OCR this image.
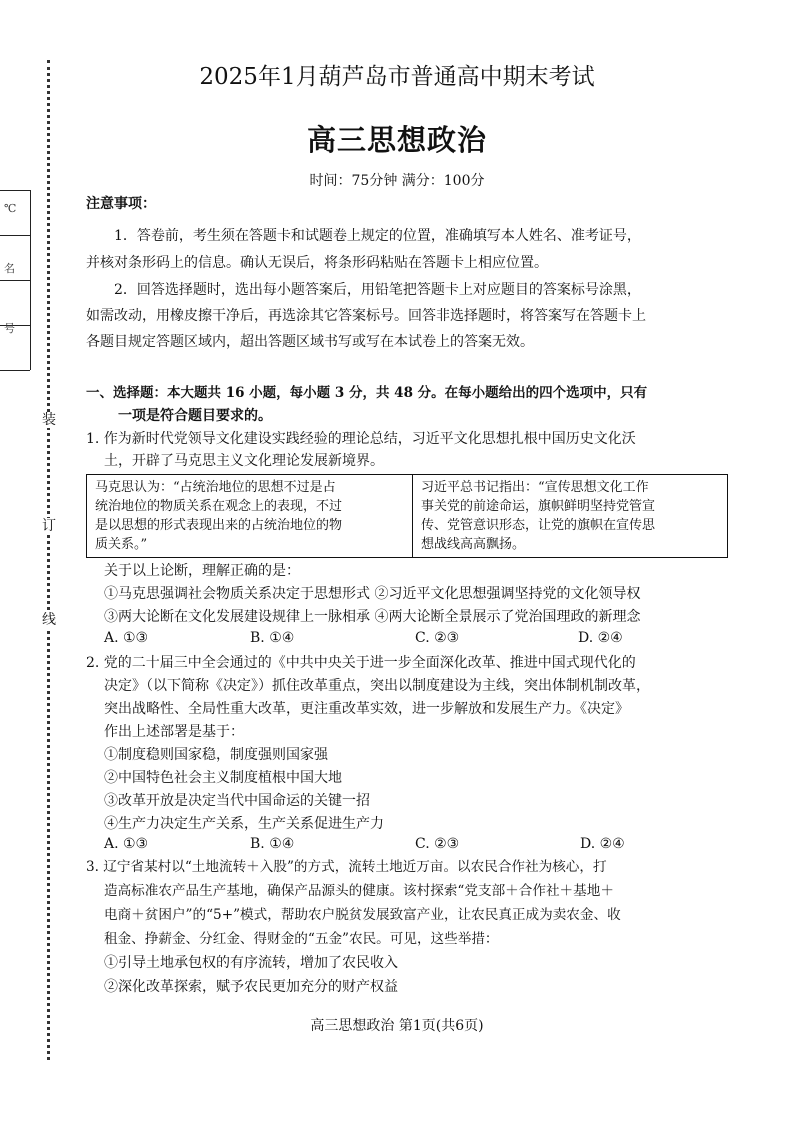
装
订
线
℃
名
号
2025年1月葫芦岛市普通高中期末考试
高三思想政治
时间：75分钟 满分：100分
注意事项：
1．答卷前，考生须在答题卡和试题卷上规定的位置，准确填写本人姓名、准考证号，
并核对条形码上的信息。确认无误后，将条形码粘贴在答题卡上相应位置。
2．回答选择题时，选出每小题答案后，用铅笔把答题卡上对应题目的答案标号涂黑，
如需改动，用橡皮擦干净后，再选涂其它答案标号。回答非选择题时，将答案写在答题卡上
各题目规定答题区域内，超出答题区域书写或写在本试卷上的答案无效。
一、选择题：本大题共 16 小题，每小题 3 分，共 48 分。在每小题给出的四个选项中，只有
一项是符合题目要求的。
1. 作为新时代党领导文化建设实践经验的理论总结，习近平文化思想扎根中国历史文化沃
土，开辟了马克思主义文化理论发展新境界。
马克思认为：“占统治地位的思想不过是占
统治地位的物质关系在观念上的表现，不过
是以思想的形式表现出来的占统治地位的物
质关系。”
习近平总书记指出：“宣传思想文化工作
事关党的前途命运，旗帜鲜明坚持党管宣
传、党管意识形态，让党的旗帜在宣传思
想战线高高飘扬。
关于以上论断，理解正确的是：
①马克思强调社会物质关系决定于思想形式 ②习近平文化思想强调坚持党的文化领导权
③两大论断在文化发展建设规律上一脉相承 ④两大论断全景展示了党治国理政的新理念
A. ①③	B. ①④	C. ②③	D. ②④
2. 党的二十届三中全会通过的《中共中央关于进一步全面深化改革、推进中国式现代化的
决定》（以下简称《决定》）抓住改革重点，突出以制度建设为主线，突出体制机制改革，
突出战略性、全局性重大改革，更注重改革实效，进一步解放和发展生产力。《决定》
作出上述部署是基于：
①制度稳则国家稳，制度强则国家强
②中国特色社会主义制度植根中国大地
③改革开放是决定当代中国命运的关键一招
④生产力决定生产关系，生产关系促进生产力
A. ①③	B. ①④	C. ②③	D. ②④
3. 辽宁省某村以“土地流转＋入股”的方式，流转土地近万亩。以农民合作社为核心，打
造高标准农产品生产基地，确保产品源头的健康。该村探索“党支部＋合作社＋基地＋
电商＋贫困户”的“5+”模式，帮助农户脱贫发展致富产业，让农民真正成为卖农金、收
租金、挣薪金、分红金、得财金的“五金”农民。可见，这些举措：
①引导土地承包权的有序流转，增加了农民收入
②深化改革探索，赋予农民更加充分的财产权益
高三思想政治 第1页(共6页)
